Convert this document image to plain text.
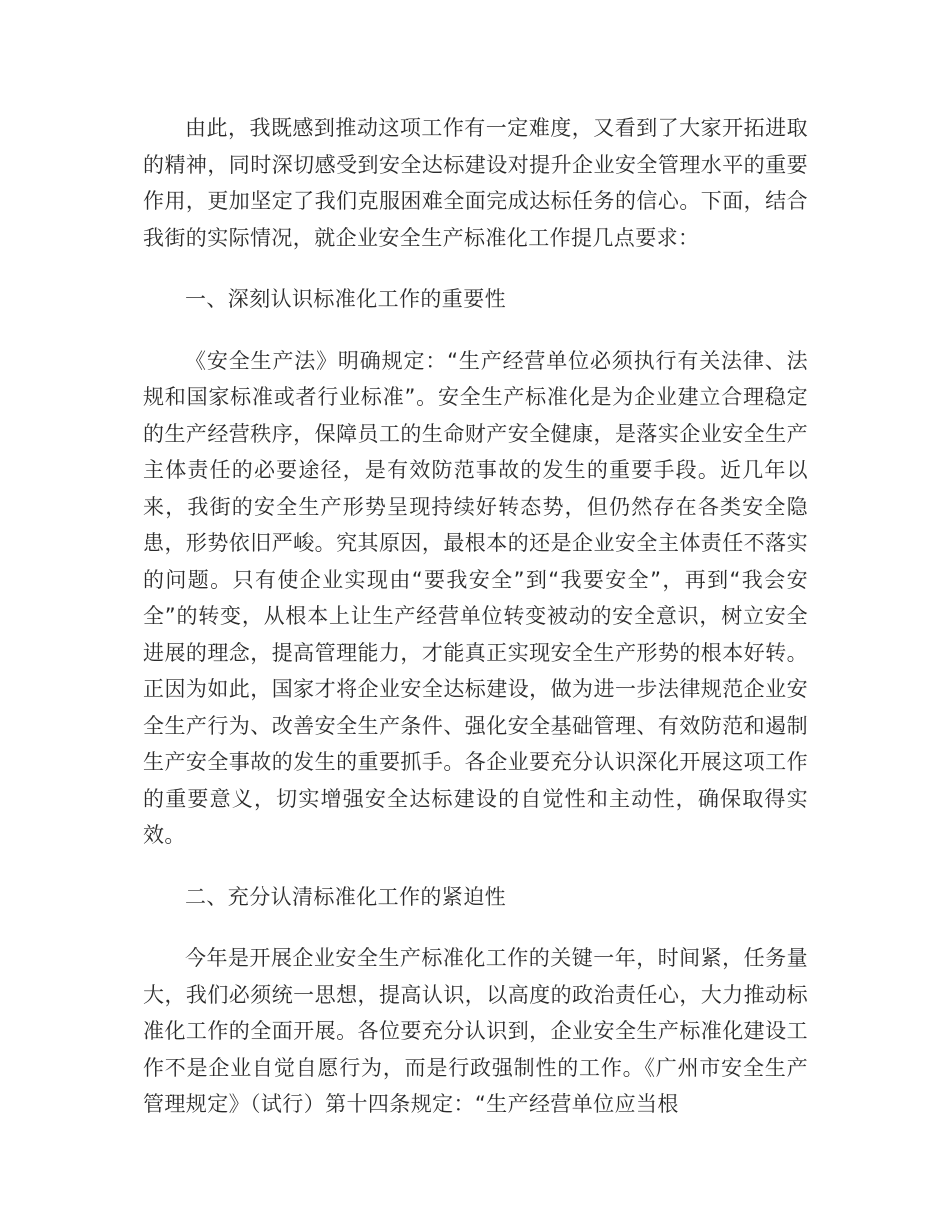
由此，我既感到推动这项工作有一定难度，又看到了大家开拓进取的精神，同时深切感受到安全达标建设对提升企业安全管理水平的重要作用，更加坚定了我们克服困难全面完成达标任务的信心。下面，结合我街的实际情况，就企业安全生产标准化工作提几点要求：

一、深刻认识标准化工作的重要性

《安全生产法》明确规定：“生产经营单位必须执行有关法律、法规和国家标准或者行业标准”。安全生产标准化是为企业建立合理稳定的生产经营秩序，保障员工的生命财产安全健康，是落实企业安全生产主体责任的必要途径，是有效防范事故的发生的重要手段。近几年以来，我街的安全生产形势呈现持续好转态势，但仍然存在各类安全隐患，形势依旧严峻。究其原因，最根本的还是企业安全主体责任不落实的问题。只有使企业实现由“要我安全”到“我要安全”，再到“我会安全”的转变，从根本上让生产经营单位转变被动的安全意识，树立安全进展的理念，提高管理能力，才能真正实现安全生产形势的根本好转。正因为如此，国家才将企业安全达标建设，做为进一步法律规范企业安全生产行为、改善安全生产条件、强化安全基础管理、有效防范和遏制生产安全事故的发生的重要抓手。各企业要充分认识深化开展这项工作的重要意义，切实增强安全达标建设的自觉性和主动性，确保取得实效。

二、充分认清标准化工作的紧迫性

今年是开展企业安全生产标准化工作的关键一年，时间紧，任务量大，我们必须统一思想，提高认识，以高度的政治责任心，大力推动标准化工作的全面开展。各位要充分认识到，企业安全生产标准化建设工作不是企业自觉自愿行为，而是行政强制性的工作。《广州市安全生产管理规定》（试行）第十四条规定：“生产经营单位应当根
